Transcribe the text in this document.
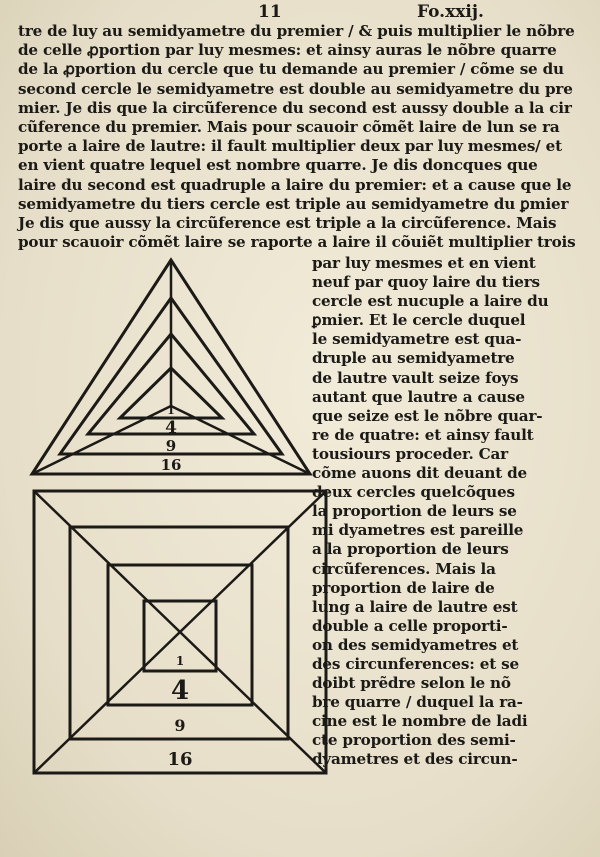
11	Fo.xxij.
tre de luy au semidyametre du premier / & puis multiplier le nõbre
de celle ꝓportion par luy mesmes: et ainsy auras le nõbre quarre
de la ꝓportion du cercle que tu demande au premier / cõme se du
second cercle le semidyametre est double au semidyametre du pre
mier. Je dis que la circũference du second est aussy double a la cir
cũference du premier. Mais pour scauoir cõmẽt laire de lun se ra
porte a laire de lautre: il fault multiplier deux par luy mesmes/ et
en vient quatre lequel est nombre quarre. Je dis doncques que
laire du second est quadruple a laire du premier: et a cause que le
semidyametre du tiers cercle est triple au semidyametre du ꝑmier
Je dis que aussy la circũference est triple a la circũference. Mais
pour scauoir cõmẽt laire se raporte a laire il cõuiẽt multiplier trois
1
4
9
16
1
4
9
16
par luy mesmes et en vient
neuf par quoy laire du tiers
cercle est nucuple a laire du
ꝑmier. Et le cercle duquel
le semidyametre est qua-
druple au semidyametre
de lautre vault seize foys
autant que lautre a cause
que seize est le nõbre quar-
re de quatre: et ainsy fault
tousiours proceder. Car
cõme auons dit deuant de
deux cercles quelcõques
la proportion de leurs se
mi dyametres est pareille
a la proportion de leurs
circũferences. Mais la
proportion de laire de
lung a laire de lautre est
double a celle proporti-
on des semidyametres et
des circunferences: et se
doibt prẽdre selon le nõ
bre quarre / duquel la ra-
cine est le nombre de ladi
cte proportion des semi-
dyametres et des circun-
